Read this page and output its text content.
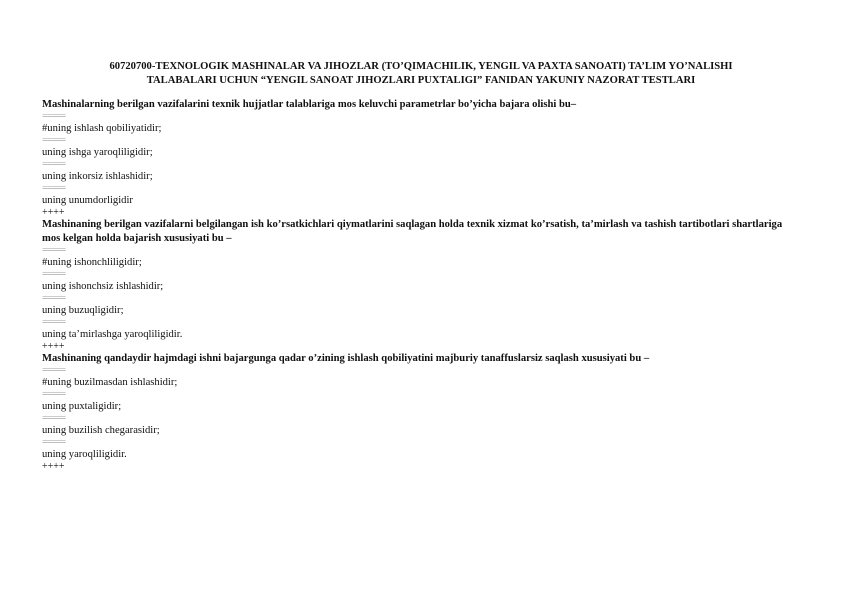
60720700-TEXNOLOGIK MASHINALAR VA JIHOZLAR (TO’QIMACHILIK, YENGIL VA PAXTA SANOATI) TA’LIM YO’NALISHI
TALABALARI UCHUN “YENGIL SANOAT JIHOZLARI PUXTALIGI” FANIDAN YAKUNIY NAZORAT TESTLARI

Mashinalarning berilgan vazifalarini texnik hujjatlar talablariga mos keluvchi parametrlar bo’yicha bajara olishi bu–

=====

#uning ishlash qobiliyatidir;

=====

uning ishga yaroqliligidir;

=====

uning inkorsiz ishlashidir;

=====

uning unumdorligidir

++++

Mashinaning berilgan vazifalarni belgilangan ish ko’rsatkichlari qiymatlarini saqlagan holda texnik xizmat ko’rsatish, ta’mirlash va tashish tartibotlari shartlariga mos kelgan holda bajarish xususiyati bu –

=====

#uning ishonchliligidir;

=====

uning ishonchsiz ishlashidir;

=====

uning buzuqligidir;

=====

uning ta’mirlashga yaroqliligidir.

++++

Mashinaning qandaydir hajmdagi ishni bajargunga qadar o’zining ishlash qobiliyatini majburiy tanaffuslarsiz saqlash xususiyati bu –

=====

#uning buzilmasdan ishlashidir;

=====

uning puxtaligidir;

=====

uning buzilish chegarasidir;

=====

uning yaroqliligidir.

++++
